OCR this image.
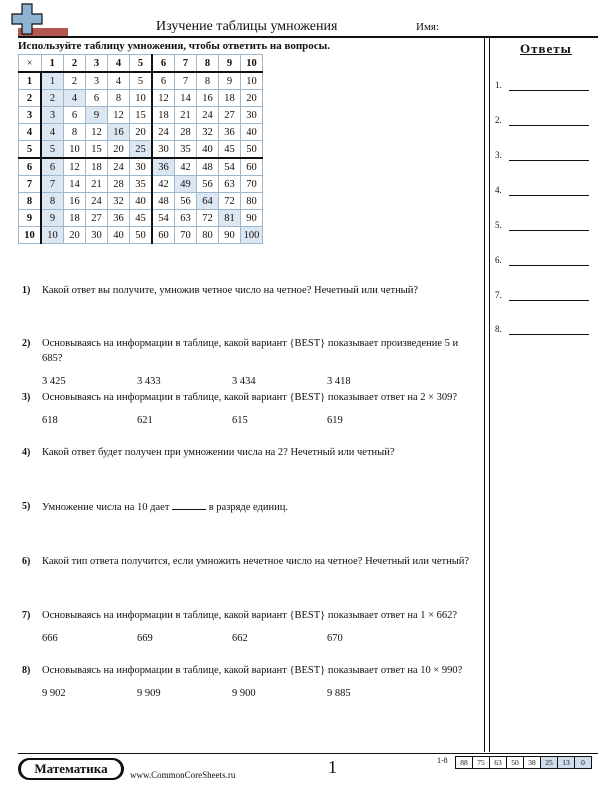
Изучение таблицы умножения	Имя:
Используйте таблицу умножения, чтобы ответить на вопросы.
×	1	2	3	4	5	6	7	8	9	10
1	1	2	3	4	5	6	7	8	9	10
2	2	4	6	8	10	12	14	16	18	20
3	3	6	9	12	15	18	21	24	27	30
4	4	8	12	16	20	24	28	32	36	40
5	5	10	15	20	25	30	35	40	45	50
6	6	12	18	24	30	36	42	48	54	60
7	7	14	21	28	35	42	49	56	63	70
8	8	16	24	32	40	48	56	64	72	80
9	9	18	27	36	45	54	63	72	81	90
10	10	20	30	40	50	60	70	80	90	100
1) Какой ответ вы получите, умножив четное число на четное? Нечетный или четный?
2) Основываясь на информации в таблице, какой вариант {BEST} показывает произведение 5 и 685?
3 425	3 433	3 434	3 418
3) Основываясь на информации в таблице, какой вариант {BEST} показывает ответ на 2 × 309?
618	621	615	619
4) Какой ответ будет получен при умножении числа на 2? Нечетный или четный?
5) Умножение числа на 10 дает	в разряде единиц.
6) Какой тип ответа получится, если умножить нечетное число на четное? Нечетный или четный?
7) Основываясь на информации в таблице, какой вариант {BEST} показывает ответ на 1 × 662?
666	669	662	670
8) Основываясь на информации в таблице, какой вариант {BEST} показывает ответ на 10 × 990?
9 902	9 909	9 900	9 885
Ответы
1.
2.
3.
4.
5.
6.
7.
8.
Математика	www.CommonCoreSheets.ru	1	1-8	88	75	63	50	38	25	13	0
